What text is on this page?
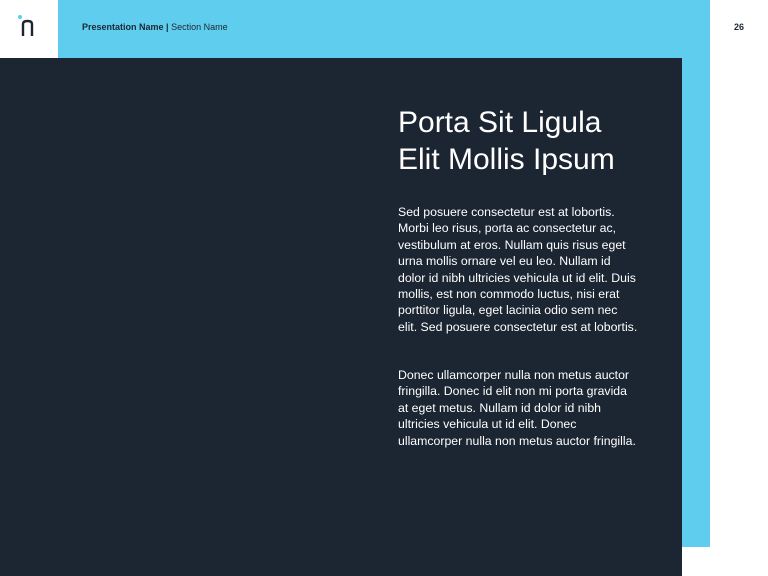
Presentation Name | Section Name	26
Porta Sit Ligula
Elit Mollis Ipsum

Sed posuere consectetur est at lobortis. Morbi leo risus, porta ac consectetur ac, vestibulum at eros. Nullam quis risus eget urna mollis ornare vel eu leo. Nullam id dolor id nibh ultricies vehicula ut id elit. Duis mollis, est non commodo luctus, nisi erat porttitor ligula, eget lacinia odio sem nec elit. Sed posuere consectetur est at lobortis.

Donec ullamcorper nulla non metus auctor fringilla. Donec id elit non mi porta gravida at eget metus. Nullam id dolor id nibh ultricies vehicula ut id elit. Donec ullamcorper nulla non metus auctor fringilla.
